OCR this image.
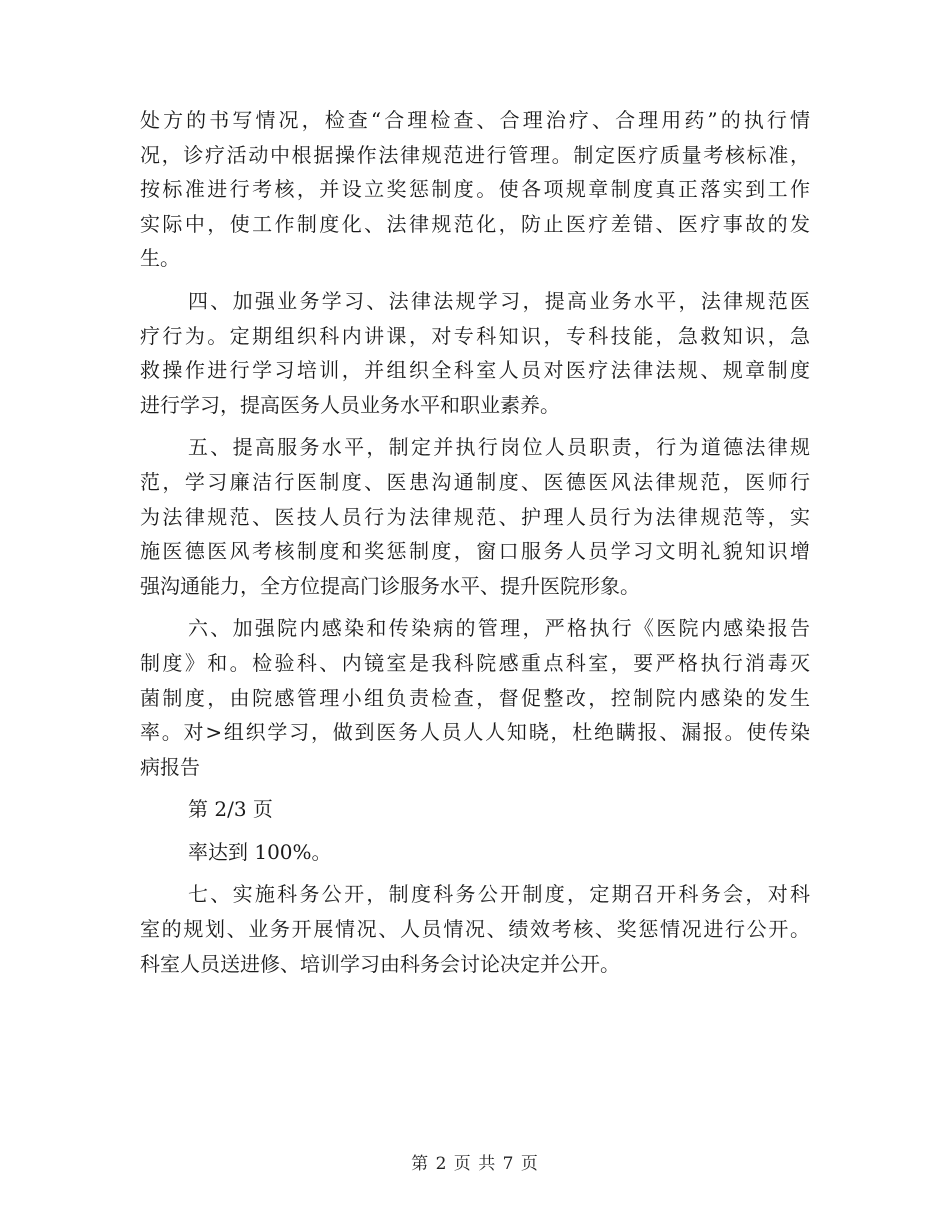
处方的书写情况，检查“合理检查、合理治疗、合理用药”的执行情
况，诊疗活动中根据操作法律规范进行管理。制定医疗质量考核标准，
按标准进行考核，并设立奖惩制度。使各项规章制度真正落实到工作
实际中，使工作制度化、法律规范化，防止医疗差错、医疗事故的发
生。
四、加强业务学习、法律法规学习，提高业务水平，法律规范医
疗行为。定期组织科内讲课，对专科知识，专科技能，急救知识，急
救操作进行学习培训，并组织全科室人员对医疗法律法规、规章制度
进行学习，提高医务人员业务水平和职业素养。
五、提高服务水平，制定并执行岗位人员职责，行为道德法律规
范，学习廉洁行医制度、医患沟通制度、医德医风法律规范，医师行
为法律规范、医技人员行为法律规范、护理人员行为法律规范等，实
施医德医风考核制度和奖惩制度，窗口服务人员学习文明礼貌知识增
强沟通能力，全方位提高门诊服务水平、提升医院形象。
六、加强院内感染和传染病的管理，严格执行《医院内感染报告
制度》和。检验科、内镜室是我科院感重点科室，要严格执行消毒灭
菌制度，由院感管理小组负责检查，督促整改，控制院内感染的发生
率。对>组织学习，做到医务人员人人知晓，杜绝瞒报、漏报。使传染
病报告
第 2/3 页
率达到 100%。
七、实施科务公开，制度科务公开制度，定期召开科务会，对科
室的规划、业务开展情况、人员情况、绩效考核、奖惩情况进行公开。
科室人员送进修、培训学习由科务会讨论决定并公开。
第 2 页 共 7 页
